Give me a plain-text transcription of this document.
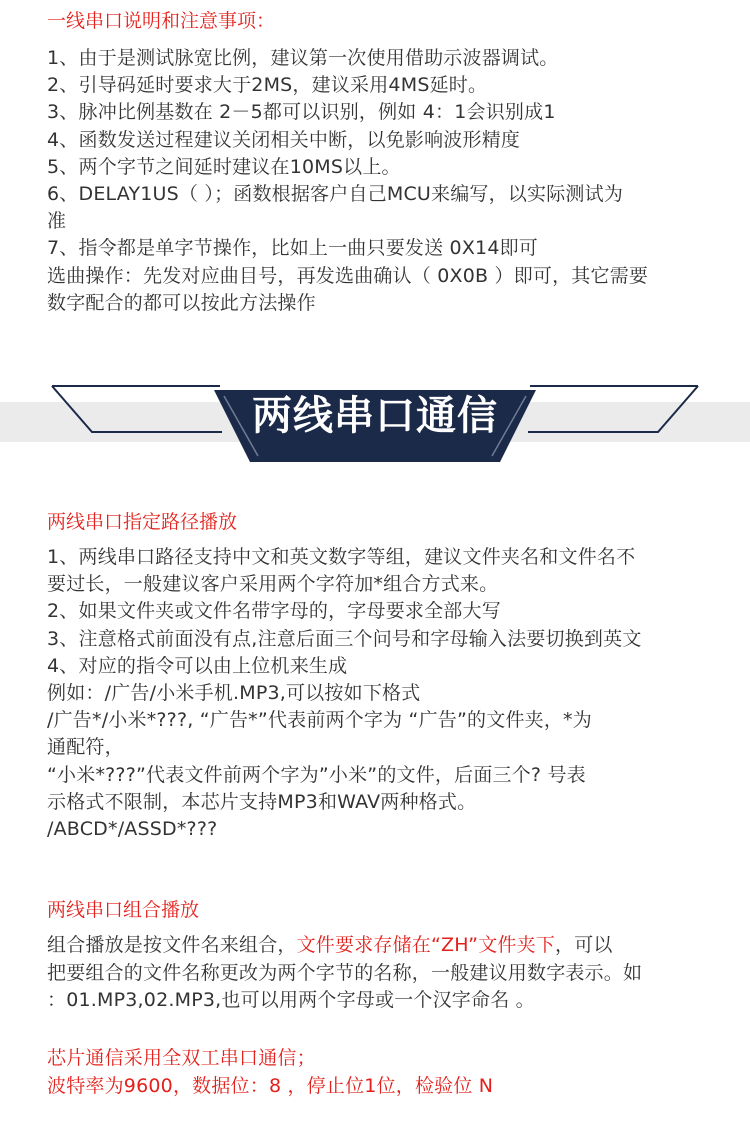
一线串口说明和注意事项：
1、由于是测试脉宽比例，建议第一次使用借助示波器调试。
2、引导码延时要求大于2MS，建议采用4MS延时。
3、脉冲比例基数在 2－5都可以识别，例如 4：1会识别成1
4、函数发送过程建议关闭相关中断，以免影响波形精度
5、两个字节之间延时建议在10MS以上。
6、DELAY1US（ ）；函数根据客户自己MCU来编写，以实际测试为
准
7、指令都是单字节操作，比如上一曲只要发送 0X14即可
选曲操作：先发对应曲目号，再发选曲确认（ 0X0B ）即可，其它需要
数字配合的都可以按此方法操作
两线串口通信
两线串口指定路径播放
1、两线串口路径支持中文和英文数字等组，建议文件夹名和文件名不
要过长，一般建议客户采用两个字符加*组合方式来。
2、如果文件夹或文件名带字母的，字母要求全部大写
3、注意格式前面没有点,注意后面三个问号和字母输入法要切换到英文
4、对应的指令可以由上位机来生成
例如：/广告/小米手机.MP3,可以按如下格式
/广告*/小米*???, “广告*”代表前两个字为 “广告”的文件夹，*为
通配符，
“小米*???”代表文件前两个字为”小米”的文件，后面三个? 号表
示格式不限制，本芯片支持MP3和WAV两种格式。
/ABCD*/ASSD*???
两线串口组合播放
组合播放是按文件名来组合，文件要求存储在“ZH”文件夹下，可以
把要组合的文件名称更改为两个字节的名称，一般建议用数字表示。如
：01.MP3,02.MP3,也可以用两个字母或一个汉字命名 。
芯片通信采用全双工串口通信；
波特率为9600，数据位：8 ，停止位1位，检验位 N
